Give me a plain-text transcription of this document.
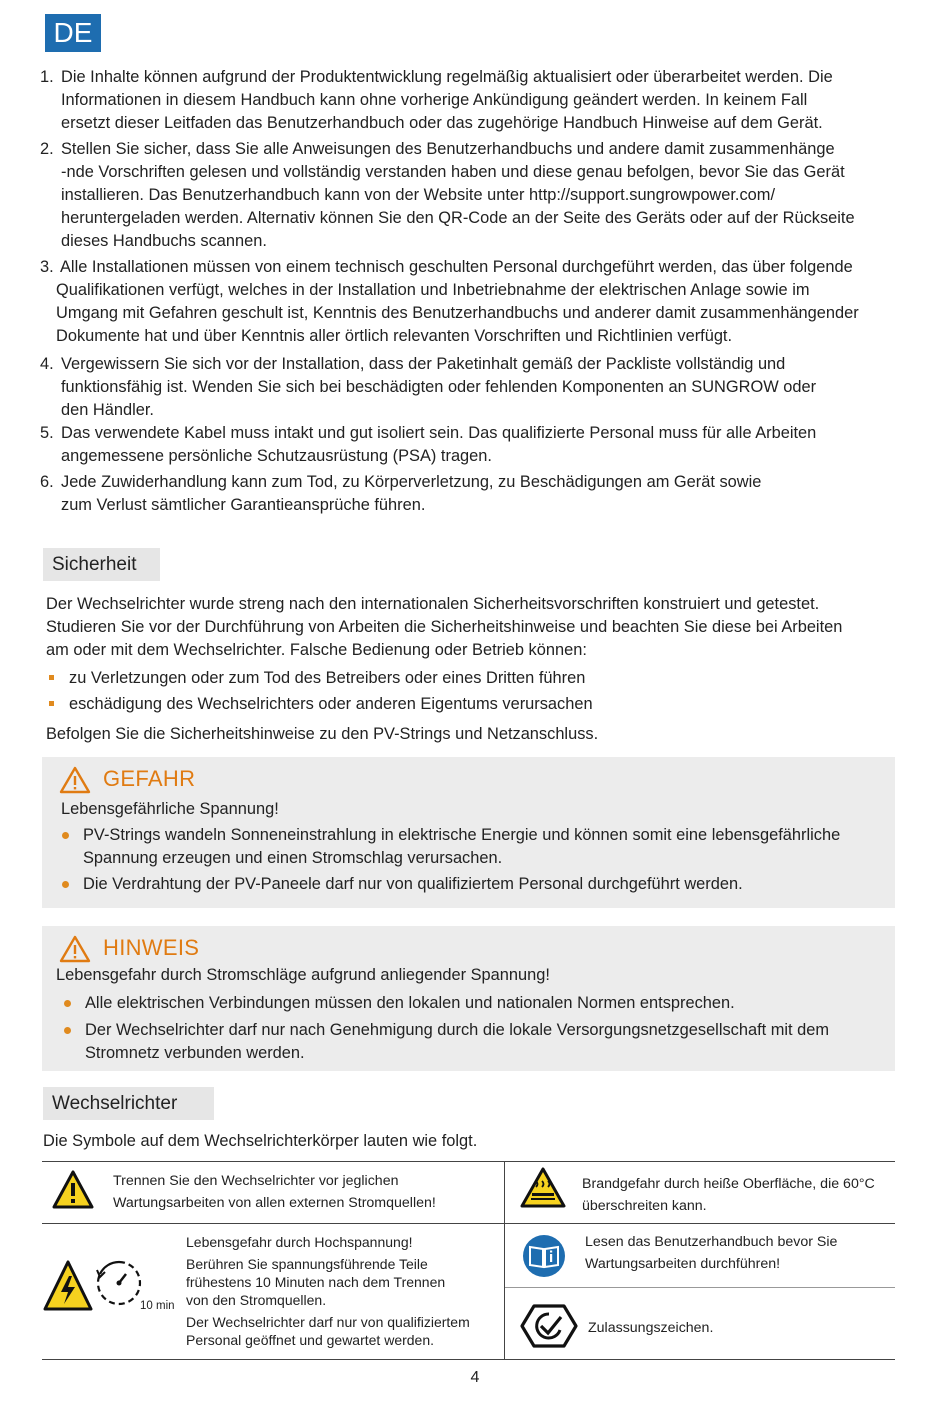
DE
1. Die Inhalte können aufgrund der Produktentwicklung regelmäßig aktualisiert oder überarbeitet werden. Die
Informationen in diesem Handbuch kann ohne vorherige Ankündigung geändert werden. In keinem Fall
ersetzt dieser Leitfaden das Benutzerhandbuch oder das zugehörige Handbuch Hinweise auf dem Gerät.
2. Stellen Sie sicher, dass Sie alle Anweisungen des Benutzerhandbuchs und andere damit zusammenhänge
-nde Vorschriften gelesen und vollständig verstanden haben und diese genau befolgen, bevor Sie das Gerät
installieren. Das Benutzerhandbuch kann von der Website unter http://support.sungrowpower.com/
heruntergeladen werden. Alternativ können Sie den QR-Code an der Seite des Geräts oder auf der Rückseite
dieses Handbuchs scannen.
3. Alle Installationen müssen von einem technisch geschulten Personal durchgeführt werden, das über folgende
Qualifikationen verfügt, welches in der Installation und Inbetriebnahme der elektrischen Anlage sowie im
Umgang mit Gefahren geschult ist, Kenntnis des Benutzerhandbuchs und anderer damit zusammenhängender
Dokumente hat und über Kenntnis aller örtlich relevanten Vorschriften und Richtlinien verfügt.
4. Vergewissern Sie sich vor der Installation, dass der Paketinhalt gemäß der Packliste vollständig und
funktionsfähig ist. Wenden Sie sich bei beschädigten oder fehlenden Komponenten an SUNGROW oder
den Händler.
5. Das verwendete Kabel muss intakt und gut isoliert sein. Das qualifizierte Personal muss für alle Arbeiten
angemessene persönliche Schutzausrüstung (PSA) tragen.
6. Jede Zuwiderhandlung kann zum Tod, zu Körperverletzung, zu Beschädigungen am Gerät sowie
zum Verlust sämtlicher Garantieansprüche führen.
Sicherheit
Der Wechselrichter wurde streng nach den internationalen Sicherheitsvorschriften konstruiert und getestet.
Studieren Sie vor der Durchführung von Arbeiten die Sicherheitshinweise und beachten Sie diese bei Arbeiten
am oder mit dem Wechselrichter. Falsche Bedienung oder Betrieb können:
zu Verletzungen oder zum Tod des Betreibers oder eines Dritten führen
eschädigung des Wechselrichters oder anderen Eigentums verursachen
Befolgen Sie die Sicherheitshinweise zu den PV-Strings und Netzanschluss.
GEFAHR
Lebensgefährliche Spannung!
PV-Strings wandeln Sonneneinstrahlung in elektrische Energie und können somit eine lebensgefährliche
Spannung erzeugen und einen Stromschlag verursachen.
Die Verdrahtung der PV-Paneele darf nur von qualifiziertem Personal durchgeführt werden.
HINWEIS
Lebensgefahr durch Stromschläge aufgrund anliegender Spannung!
Alle elektrischen Verbindungen müssen den lokalen und nationalen Normen entsprechen.
Der Wechselrichter darf nur nach Genehmigung durch die lokale Versorgungsnetzgesellschaft mit dem
Stromnetz verbunden werden.
Wechselrichter
Die Symbole auf dem Wechselrichterkörper lauten wie folgt.
Trennen Sie den Wechselrichter vor jeglichen
Wartungsarbeiten von allen externen Stromquellen!
Brandgefahr durch heiße Oberfläche, die 60°C
überschreiten kann.
10 min
Lebensgefahr durch Hochspannung!
Berühren Sie spannungsführende Teile
frühestens 10 Minuten nach dem Trennen
von den Stromquellen.
Der Wechselrichter darf nur von qualifiziertem
Personal geöffnet und gewartet werden.
Lesen das Benutzerhandbuch bevor Sie
Wartungsarbeiten durchführen!
Zulassungszeichen.
4
